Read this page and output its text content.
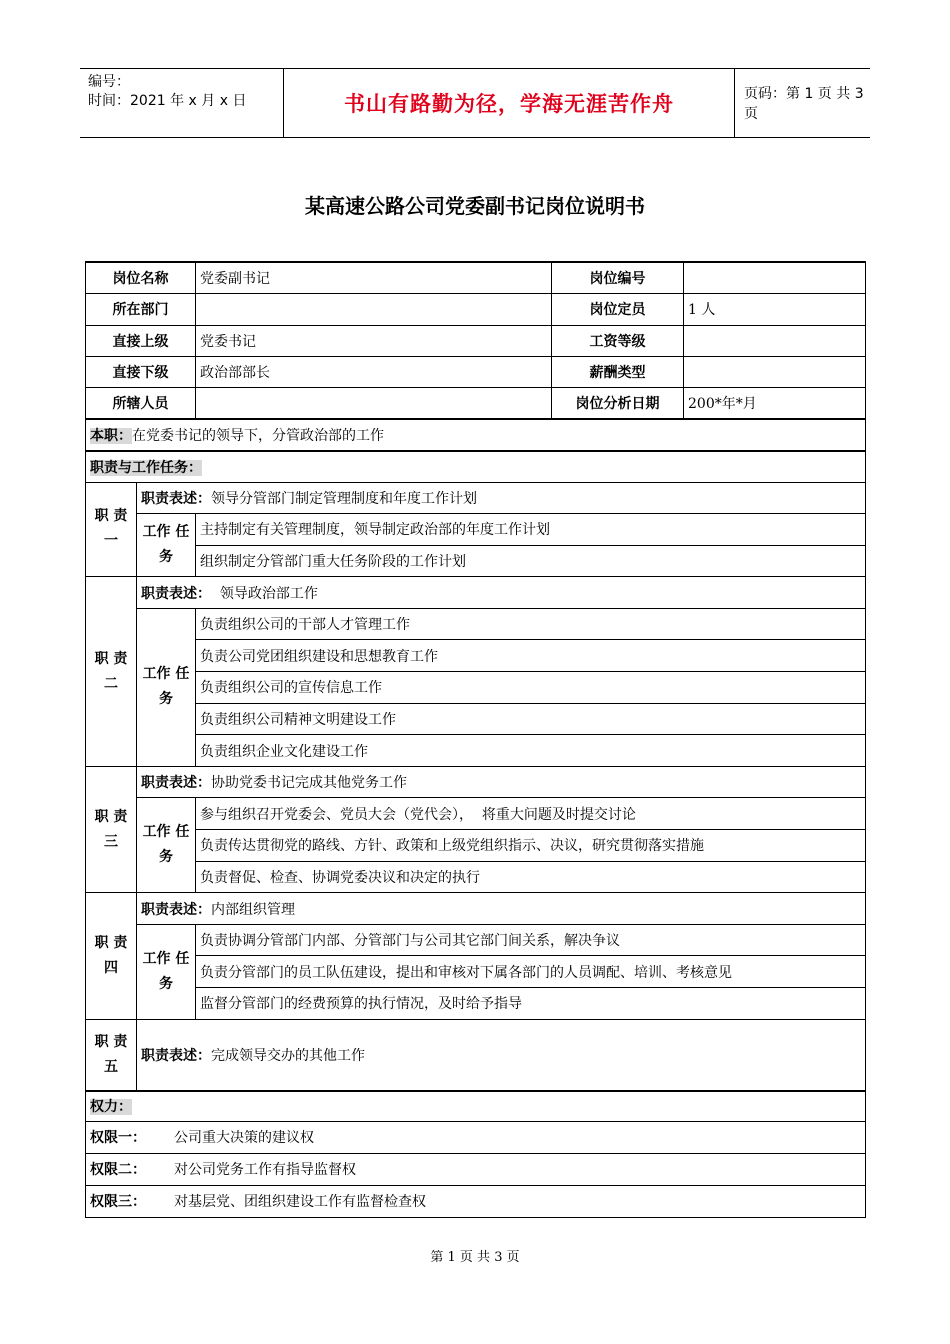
编号：
时间：2021 年 x 月 x 日	书山有路勤为径，学海无涯苦作舟	页码：第 1 页 共 3 页
某高速公路公司党委副书记岗位说明书
岗位名称		党委副书记	岗位编号	
所在部门			岗位定员	1 人
直接上级		党委书记	工资等级	
直接下级		政治部部长	薪酬类型	
所辖人员			岗位分析日期	200*年*月
本职：在党委书记的领导下，分管政治部的工作				
职责与工作任务：				
职 责 一	职责表述：领导分管部门制定管理制度和年度工作计划			
	工作 任务	主持制定有关管理制度，领导制定政治部的年度工作计划		
		组织制定分管部门重大任务阶段的工作计划		
职 责 二	职责表述：  领导政治部工作			
	工作 任务	负责组织公司的干部人才管理工作		
		负责公司党团组织建设和思想教育工作		
		负责组织公司的宣传信息工作		
		负责组织公司精神文明建设工作		
		负责组织企业文化建设工作		
职 责 三	职责表述：协助党委书记完成其他党务工作			
	工作 任务	参与组织召开党委会、党员大会（党代会），  将重大问题及时提交讨论		
		负责传达贯彻党的路线、方针、政策和上级党组织指示、决议，研究贯彻落实措施		
		负责督促、检查、协调党委决议和决定的执行		
职 责 四	职责表述：内部组织管理			
	工作 任务	负责协调分管部门内部、分管部门与公司其它部门间关系，解决争议		
		负责分管部门的员工队伍建设，提出和审核对下属各部门的人员调配、培训、考核意见		
		监督分管部门的经费预算的执行情况，及时给予指导		
职 责 五	职责表述：完成领导交办的其他工作			
权力：				
权限一： 公司重大决策的建议权				
权限二： 对公司党务工作有指导监督权				
权限三： 对基层党、团组织建设工作有监督检查权				
第 1 页 共 3 页
